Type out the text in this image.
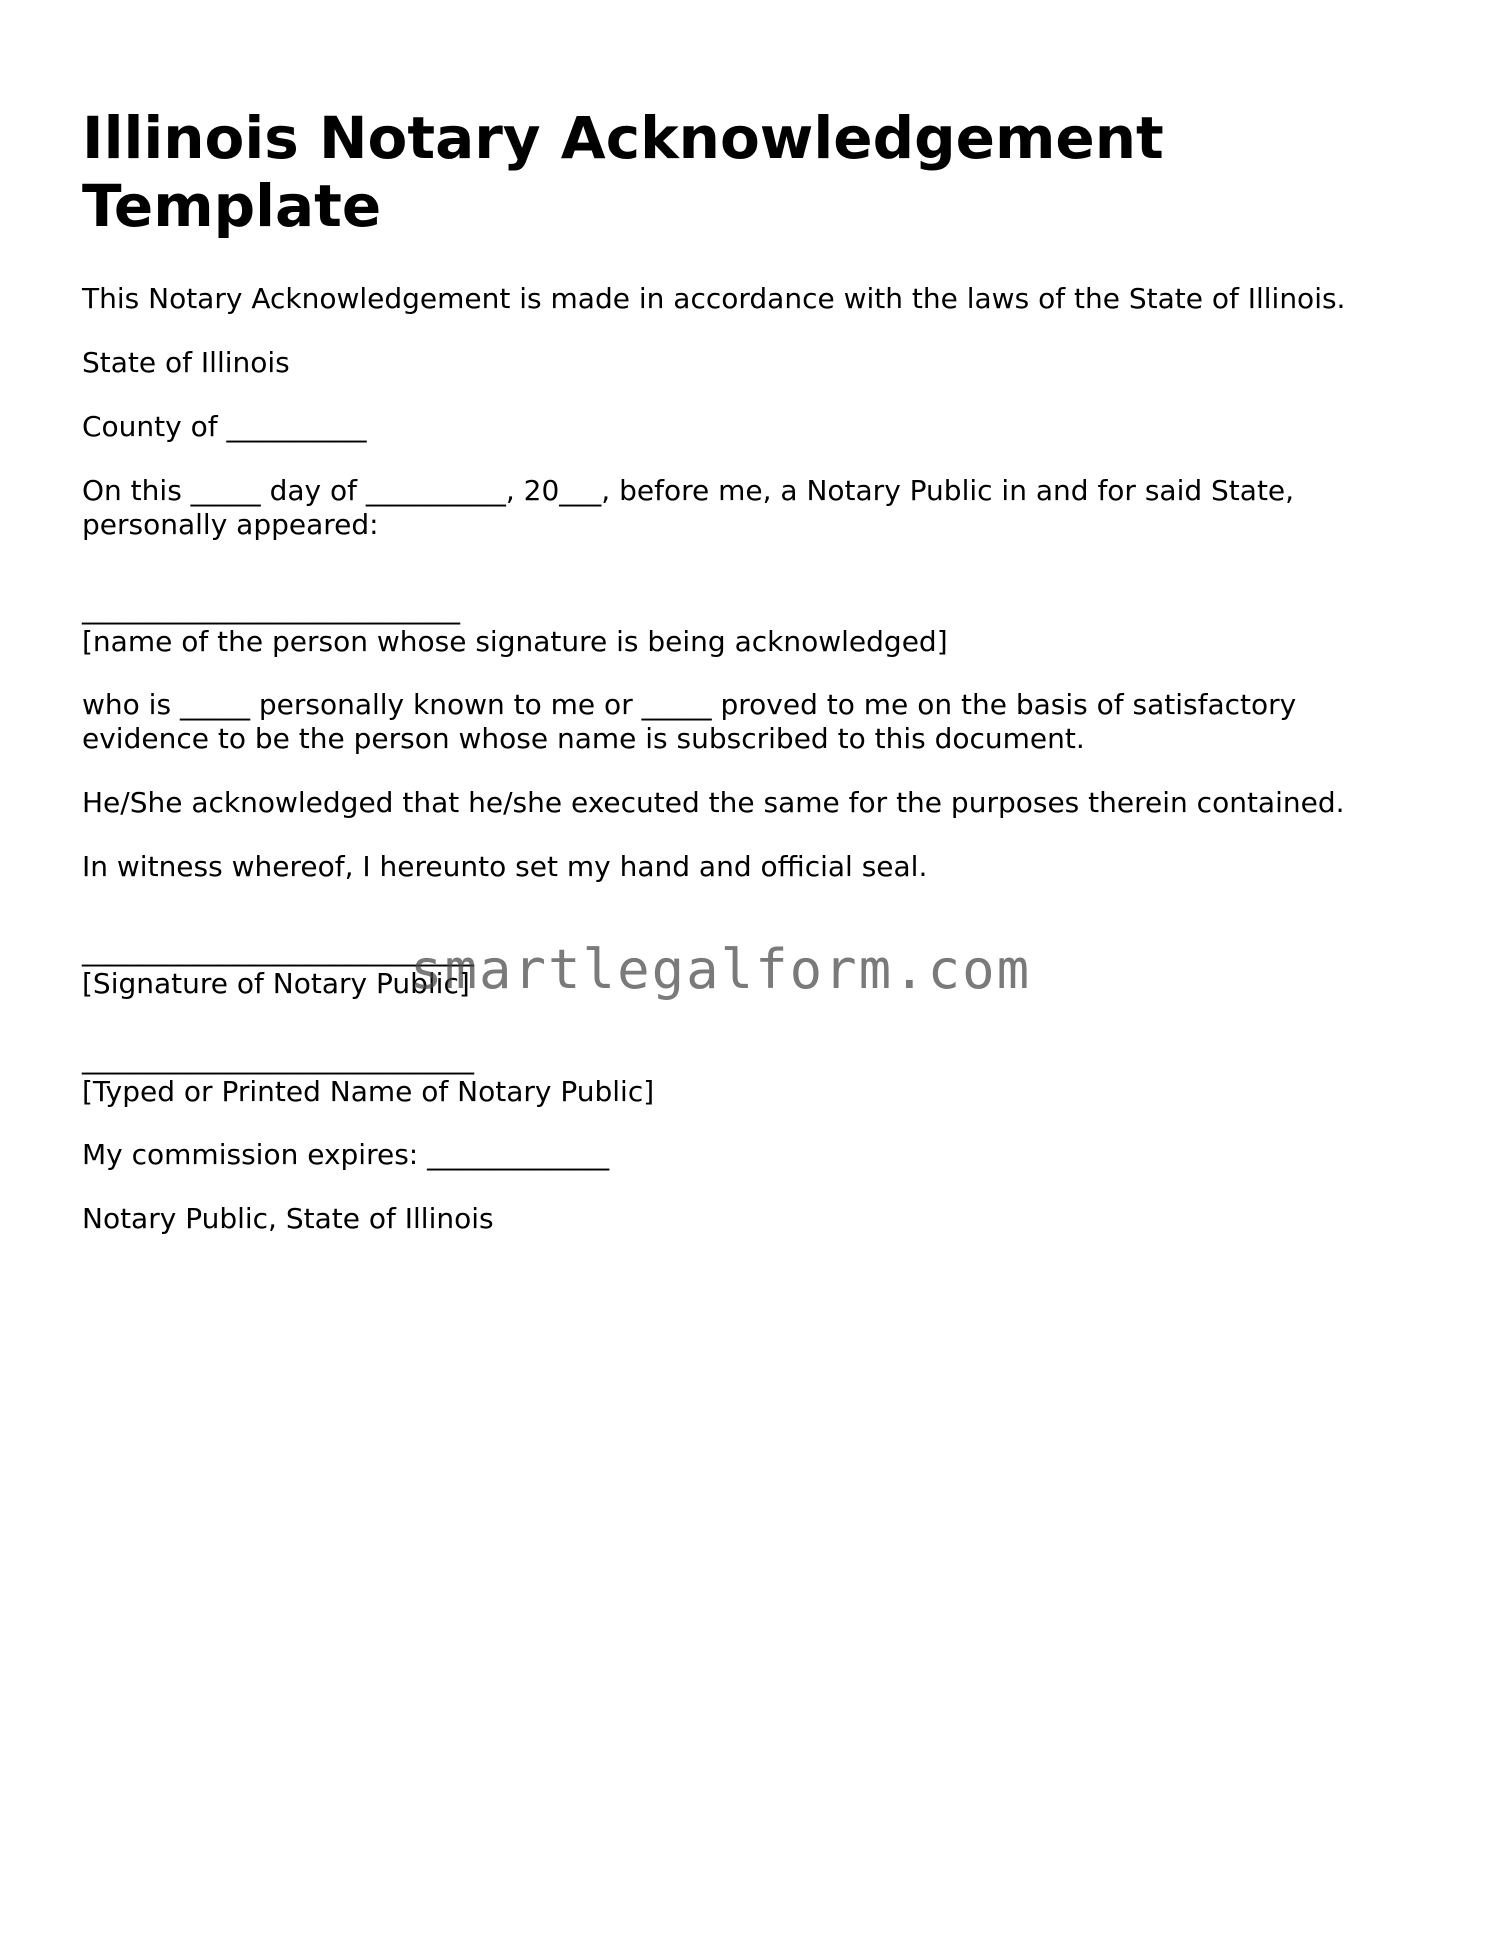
Illinois Notary Acknowledgement Template

This Notary Acknowledgement is made in accordance with the laws of the State of Illinois.

State of Illinois

County of __________

On this _____ day of __________, 20___, before me, a Notary Public in and for said State, personally appeared:

___________________________
[name of the person whose signature is being acknowledged]

who is _____ personally known to me or _____ proved to me on the basis of satisfactory evidence to be the person whose name is subscribed to this document.

He/She acknowledged that he/she executed the same for the purposes therein contained.

In witness whereof, I hereunto set my hand and official seal.

____________________________
[Signature of Notary Public]
____________________________
[Typed or Printed Name of Notary Public]

My commission expires: _____________

Notary Public, State of Illinois

smartlegalform.com
